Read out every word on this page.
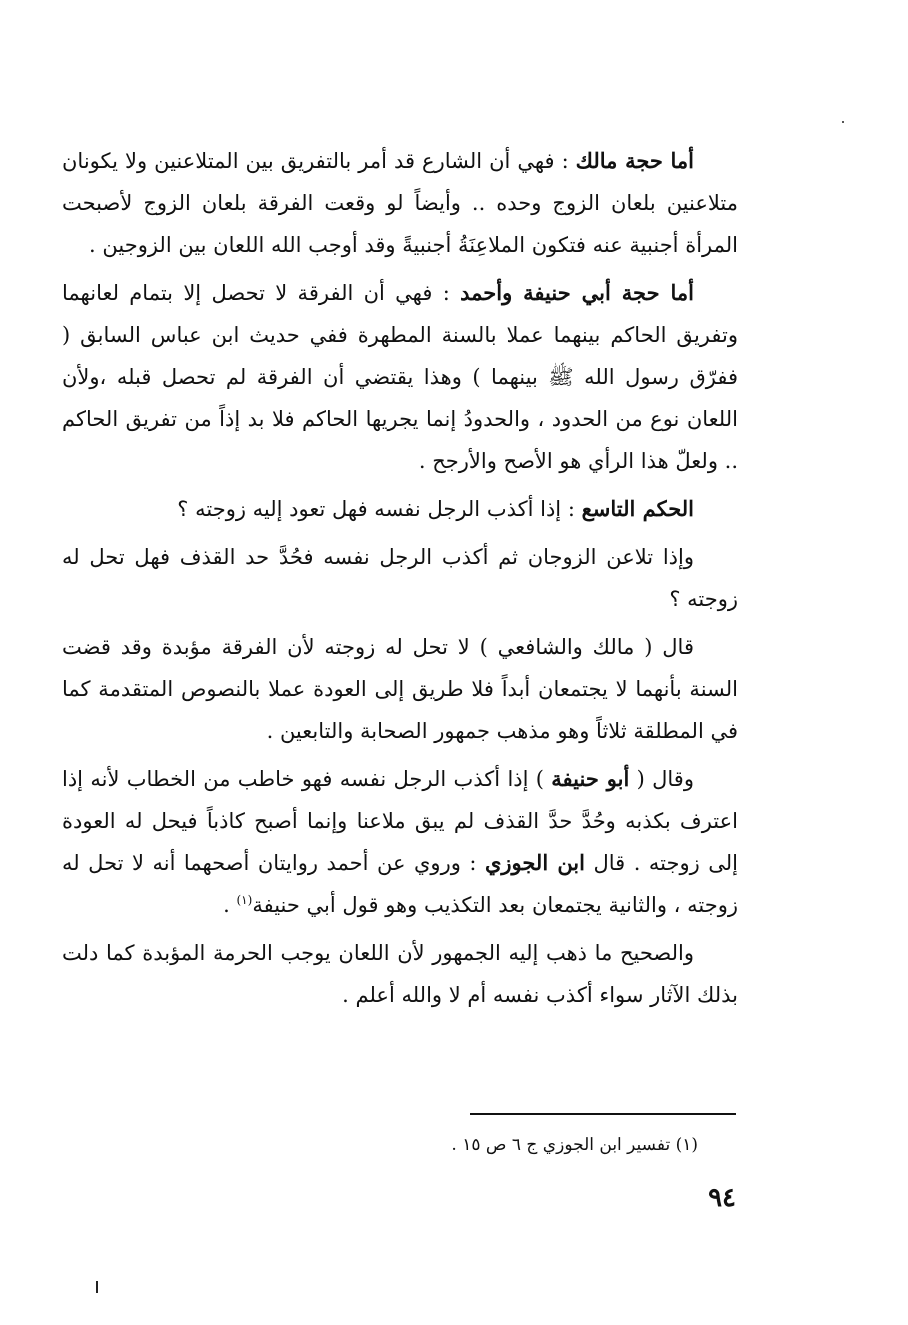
أما حجة مالك : فهي أن الشارع قد أمر بالتفريق بين المتلاعنين ولا يكونان متلاعنين بلعان الزوج وحده .. وأيضاً لو وقعت الفرقة بلعان الزوج لأصبحت المرأة أجنبية عنه فتكون الملاعِنَةُ أجنبيةً وقد أوجب الله اللعان بين الزوجين .

أما حجة أبي حنيفة وأحمد : فهي أن الفرقة لا تحصل إلا بتمام لعانهما وتفريق الحاكم بينهما عملا بالسنة المطهرة ففي حديث ابن عباس السابق ( ففرّق رسول الله ﷺ بينهما ) وهذا يقتضي أن الفرقة لم تحصل قبله ،ولأن اللعان نوع من الحدود ، والحدودُ إنما يجريها الحاكم فلا بد إذاً من تفريق الحاكم .. ولعلّ هذا الرأي هو الأصح والأرجح .

الحكم التاسع : إذا أكذب الرجل نفسه فهل تعود إليه زوجته ؟

وإذا تلاعن الزوجان ثم أكذب الرجل نفسه فحُدَّ حد القذف فهل تحل له زوجته ؟

قال ( مالك والشافعي ) لا تحل له زوجته لأن الفرقة مؤبدة وقد قضت السنة بأنهما لا يجتمعان أبداً فلا طريق إلى العودة عملا بالنصوص المتقدمة كما في المطلقة ثلاثاً وهو مذهب جمهور الصحابة والتابعين .

وقال ( أبو حنيفة ) إذا أكذب الرجل نفسه فهو خاطب من الخطاب لأنه إذا اعترف بكذبه وحُدَّ حدَّ القذف لم يبق ملاعنا وإنما أصبح كاذباً فيحل له العودة إلى زوجته . قال ابن الجوزي : وروي عن أحمد روايتان أصحهما أنه لا تحل له زوجته ، والثانية يجتمعان بعد التكذيب وهو قول أبي حنيفة$^{(١)}$ .

والصحيح ما ذهب إليه الجمهور لأن اللعان يوجب الحرمة المؤبدة كما دلت بذلك الآثار سواء أكذب نفسه أم لا والله أعلم .

(١) تفسير ابن الجوزي ج ٦ ص ١٥ .
٩٤
